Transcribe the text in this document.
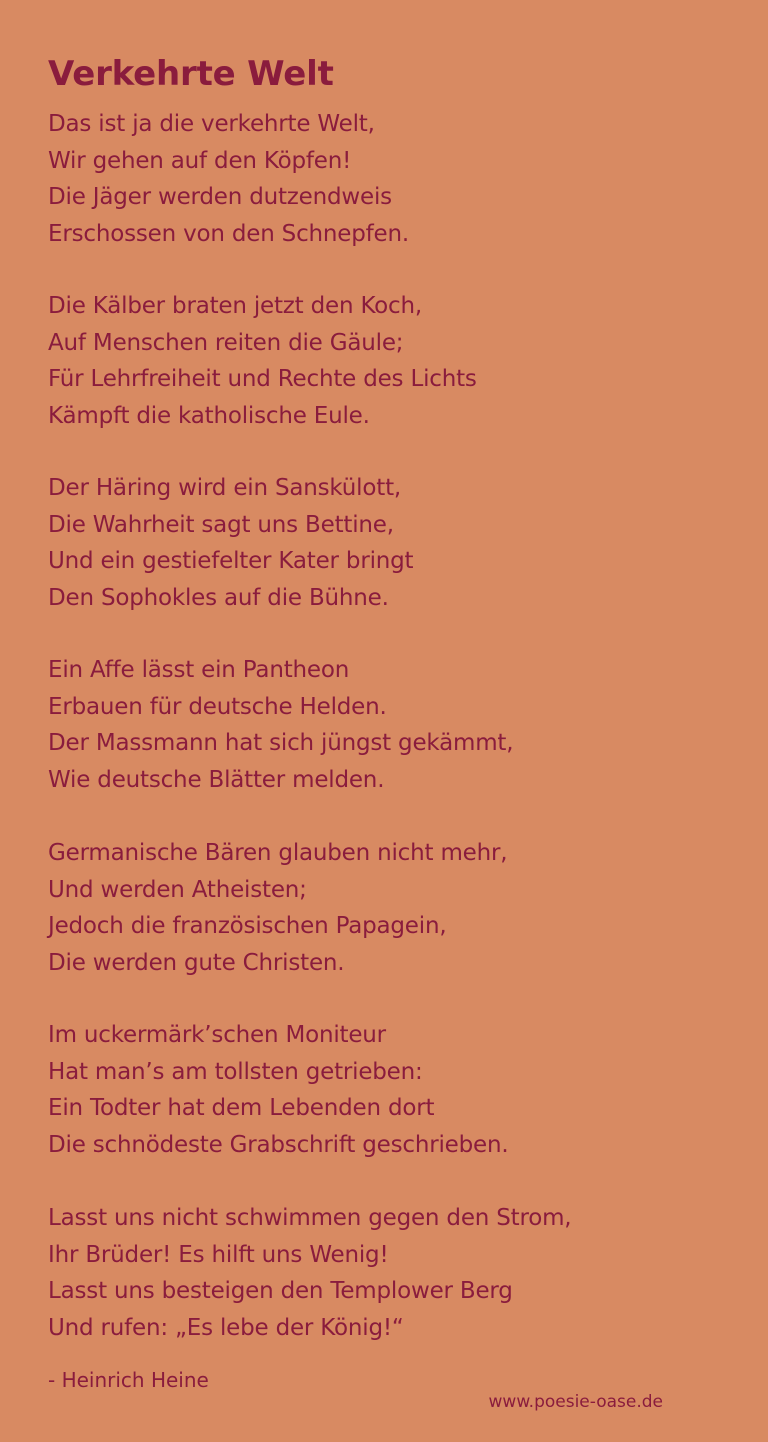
Verkehrte Welt
Das ist ja die verkehrte Welt,
Wir gehen auf den Köpfen!
Die Jäger werden dutzendweis
Erschossen von den Schnepfen.
Die Kälber braten jetzt den Koch,
Auf Menschen reiten die Gäule;
Für Lehrfreiheit und Rechte des Lichts
Kämpft die katholische Eule.
Der Häring wird ein Sanskülott,
Die Wahrheit sagt uns Bettine,
Und ein gestiefelter Kater bringt
Den Sophokles auf die Bühne.
Ein Affe lässt ein Pantheon
Erbauen für deutsche Helden.
Der Massmann hat sich jüngst gekämmt,
Wie deutsche Blätter melden.
Germanische Bären glauben nicht mehr,
Und werden Atheisten;
Jedoch die französischen Papagein,
Die werden gute Christen.
Im uckermärk’schen Moniteur
Hat man’s am tollsten getrieben:
Ein Todter hat dem Lebenden dort
Die schnödeste Grabschrift geschrieben.
Lasst uns nicht schwimmen gegen den Strom,
Ihr Brüder! Es hilft uns Wenig!
Lasst uns besteigen den Templower Berg
Und rufen: „Es lebe der König!“

- Heinrich Heine

www.poesie-oase.de
